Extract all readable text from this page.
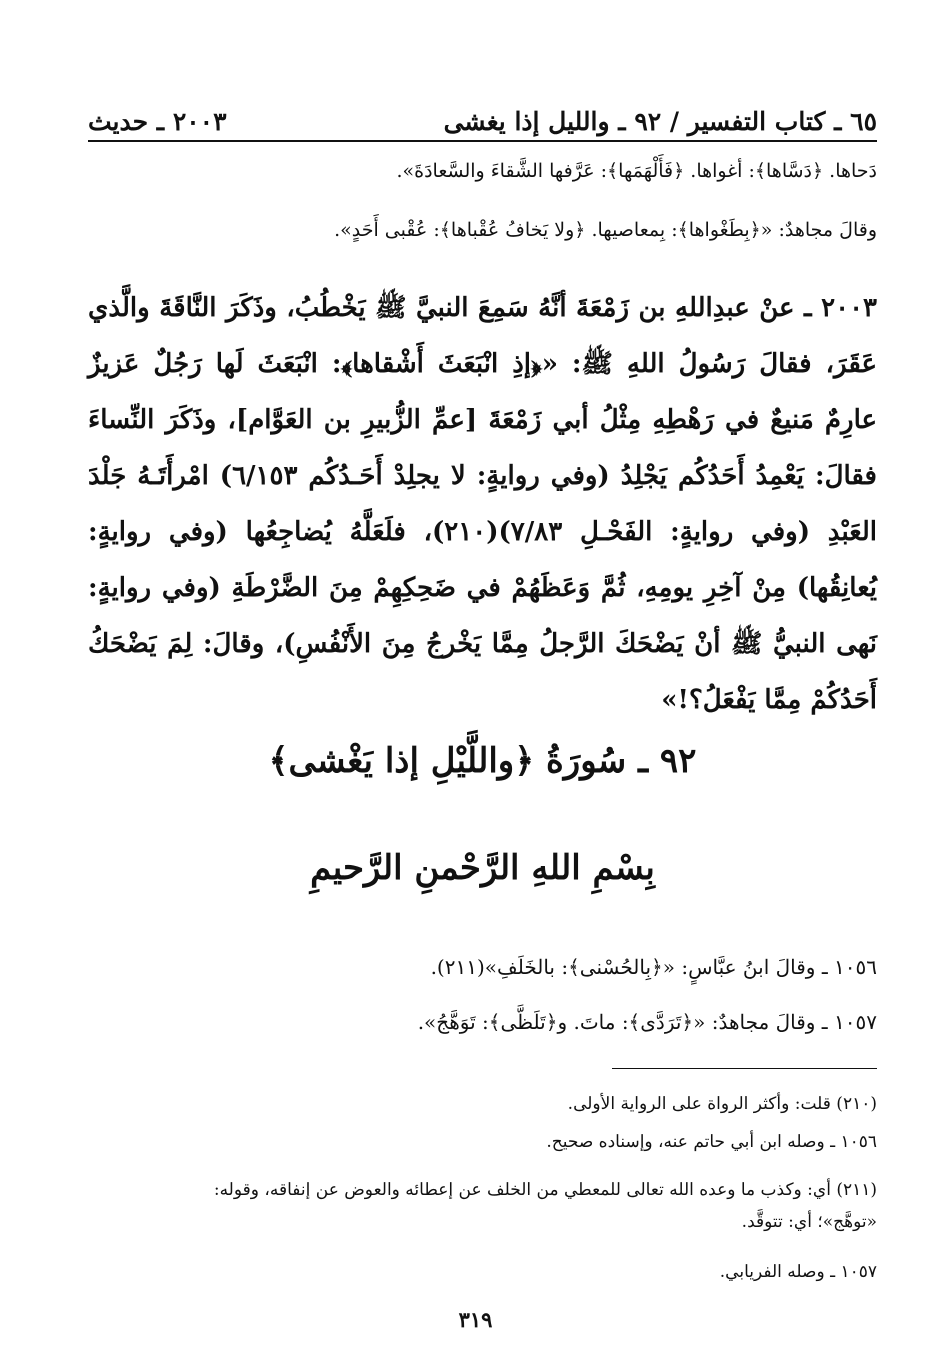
٦٥ ـ كتاب التفسير / ٩٢ ـ والليل إذا يغشى
٢٠٠٣ ـ حديث
دَحاها. ﴿دَسَّاها﴾: أغواها. ﴿فَأَلْهَمَها﴾: عَرَّفها الشَّقاءَ والسَّعادَةَ».
وقالَ مجاهدٌ: «﴿بِطَغْواها﴾: بِمعاصيها. ﴿ولا يَخافُ عُقْباها﴾: عُقْبى أَحَدٍ».

٢٠٠٣ ـ عنْ عبدِاللهِ بن زَمْعَةَ أنَّهُ سَمِعَ النبيَّ ﷺ يَخْطُبُ، وذَكَرَ النَّاقَةَ والَّذي عَقَرَ، فقالَ رَسُولُ اللهِ ﷺ: «﴿إذِ انْبَعَثَ أَشْقاها﴾: انْبَعَثَ لَها رَجُلٌ عَزيزٌ عارِمٌ مَنيعٌ في رَهْطِهِ مِثْلُ أبي زَمْعَةَ [عمِّ الزُّبيرِ بن العَوَّام]، وذَكَرَ النِّساءَ فقالَ: يَعْمِدُ أَحَدُكُم يَجْلِدُ (وفي روايةٍ: لا يجلِدْ أَحَـدُكُم ٦/١٥٣) امْرأَتَـهُ جَلْدَ العَبْدِ (وفي روايةٍ: الفَحْـلِ ٧/٨٣)(٢١٠)، فلَعَلَّهُ يُضاجِعُها (وفي روايةٍ: يُعانِقُها) مِنْ آخِرِ يومِهِ، ثُمَّ وَعَظَهُمْ في ضَحِكِهِمْ مِنَ الضَّرْطَةِ (وفي روايةٍ: نَهى النبيُّ ﷺ أنْ يَضْحَكَ الرَّجلُ مِمَّا يَخْرجُ مِنَ الأَنْفُسِ)، وقالَ: لِمَ يَضْحَكُ أَحَدُكُمْ مِمَّا يَفْعَلُ؟!»

٩٢ ـ سُورَةُ ﴿واللَّيْلِ إذا يَغْشى﴾
بِسْمِ اللهِ الرَّحْمنِ الرَّحيمِ
١٠٥٦ ـ وقالَ ابنُ عبَّاسٍ: «﴿بِالحُسْنى﴾: بالخَلَفِ»(٢١١).
١٠٥٧ ـ وقالَ مجاهدٌ: «﴿تَرَدَّى﴾: ماتَ. و﴿تَلَظَّى﴾: تَوَهَّجُ».
(٢١٠) قلت: وأكثر الرواة على الرواية الأولى.
١٠٥٦ ـ وصله ابن أبي حاتم عنه، وإسناده صحيح.
(٢١١) أي: وكذب ما وعده الله تعالى للمعطي من الخلف عن إعطائه والعوض عن إنفاقه، وقوله:
«توهَّج»؛ أي: تتوقَّد.
١٠٥٧ ـ وصله الفريابي.
٣١٩
